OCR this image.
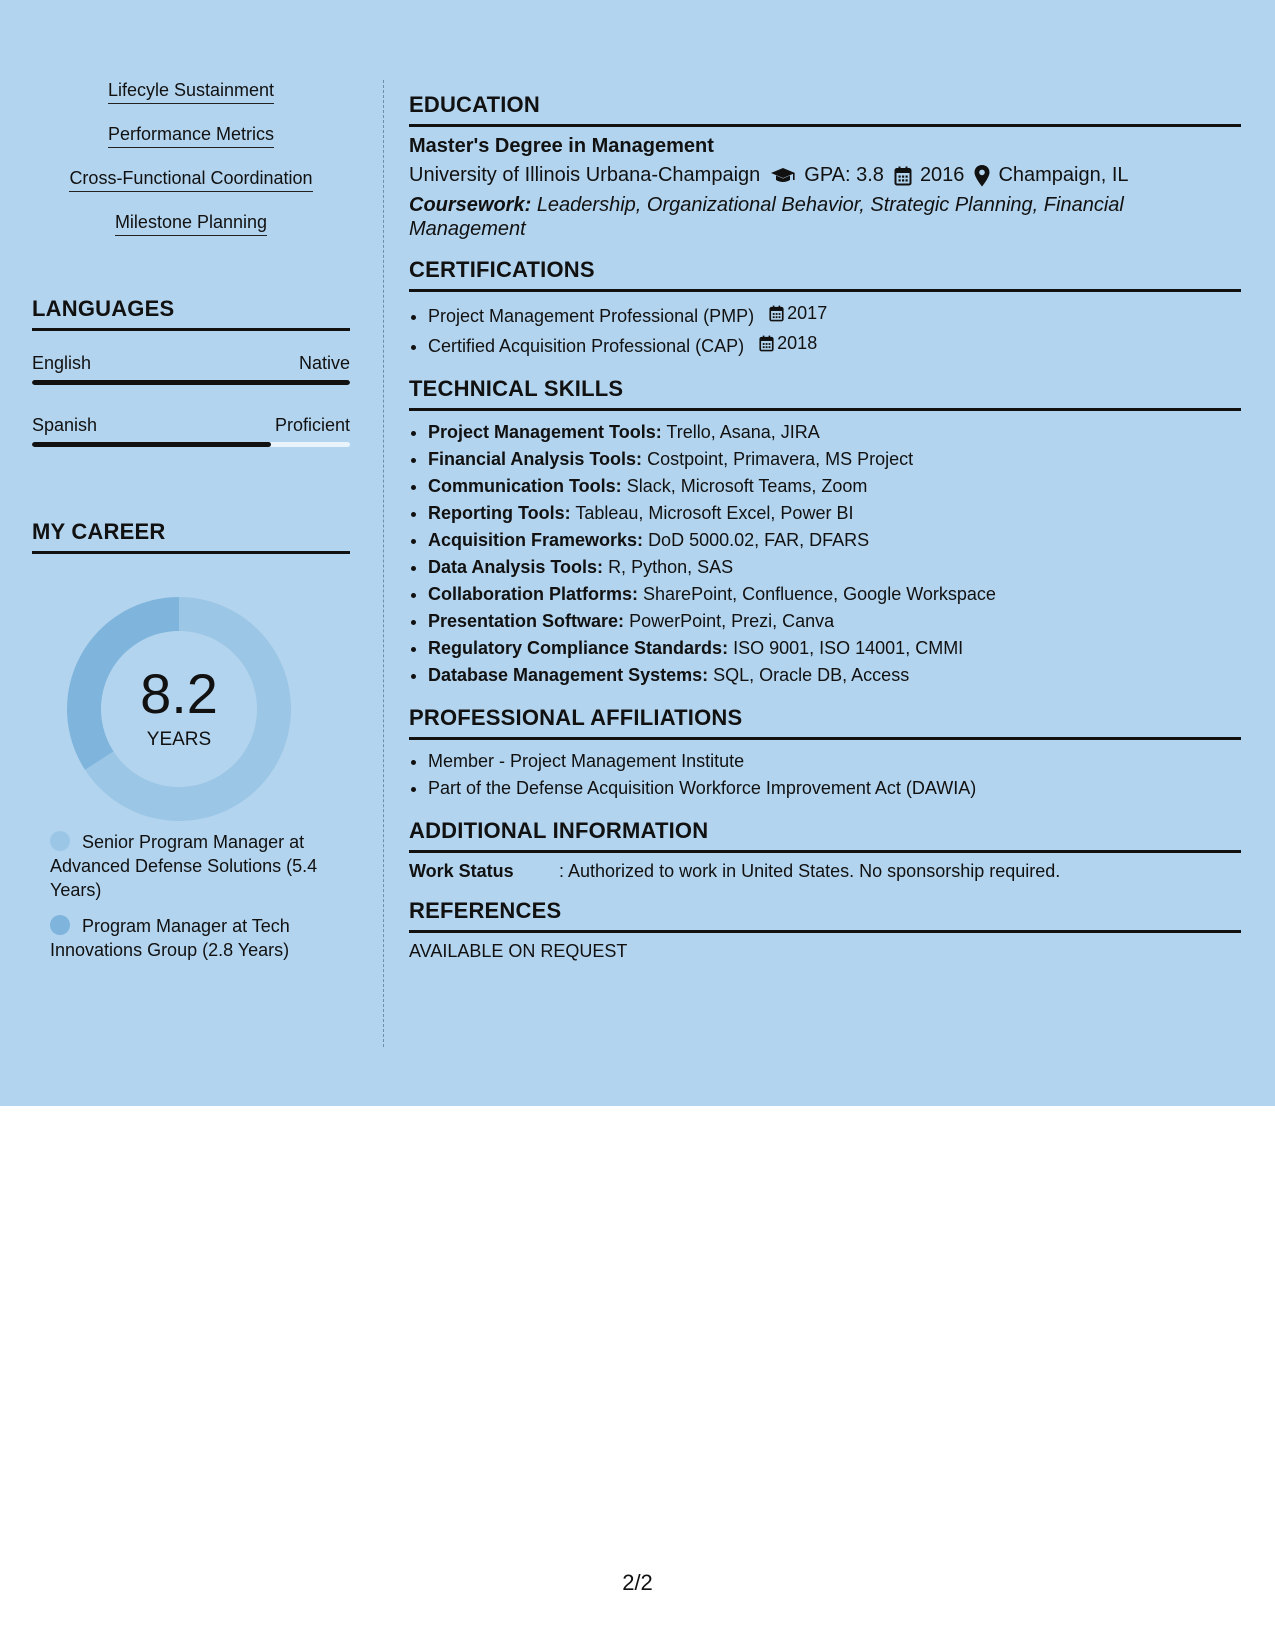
Lifecyle Sustainment
Performance Metrics
Cross-Functional Coordination
Milestone Planning
LANGUAGES
English	Native
Spanish	Proficient
MY CAREER
8.2
YEARS
Senior Program Manager at Advanced Defense Solutions (5.4 Years)
Program Manager at Tech Innovations Group (2.8 Years)
EDUCATION
Master's Degree in Management
University of Illinois Urbana-Champaign GPA: 3.8 2016 Champaign, IL
Coursework: Leadership, Organizational Behavior, Strategic Planning, Financial Management
CERTIFICATIONS
• Project Management Professional (PMP) 2017
• Certified Acquisition Professional (CAP) 2018
TECHNICAL SKILLS
• Project Management Tools: Trello, Asana, JIRA
• Financial Analysis Tools: Costpoint, Primavera, MS Project
• Communication Tools: Slack, Microsoft Teams, Zoom
• Reporting Tools: Tableau, Microsoft Excel, Power BI
• Acquisition Frameworks: DoD 5000.02, FAR, DFARS
• Data Analysis Tools: R, Python, SAS
• Collaboration Platforms: SharePoint, Confluence, Google Workspace
• Presentation Software: PowerPoint, Prezi, Canva
• Regulatory Compliance Standards: ISO 9001, ISO 14001, CMMI
• Database Management Systems: SQL, Oracle DB, Access
PROFESSIONAL AFFILIATIONS
• Member - Project Management Institute
• Part of the Defense Acquisition Workforce Improvement Act (DAWIA)
ADDITIONAL INFORMATION
Work Status	: Authorized to work in United States. No sponsorship required.
REFERENCES
AVAILABLE ON REQUEST
2/2
